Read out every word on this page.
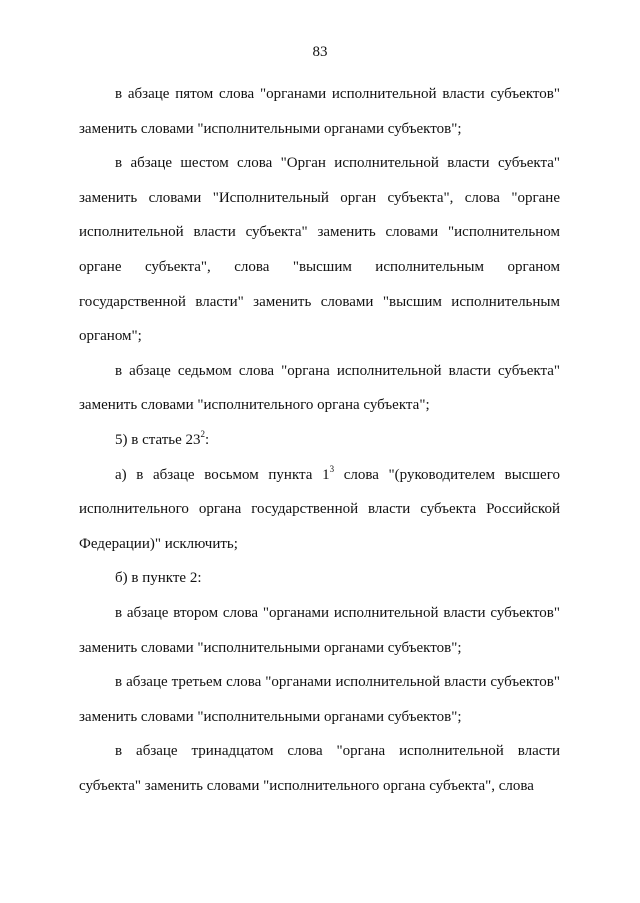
83

в абзаце пятом слова "органами исполнительной власти субъектов" заменить словами "исполнительными органами субъектов";

в абзаце шестом слова "Орган исполнительной власти субъекта" заменить словами "Исполнительный орган субъекта", слова "органе исполнительной власти субъекта" заменить словами "исполнительном органе субъекта", слова "высшим исполнительным органом государственной власти" заменить словами "высшим исполнительным органом";

в абзаце седьмом слова "органа исполнительной власти субъекта" заменить словами "исполнительного органа субъекта";

5) в статье $23^2$:

а) в абзаце восьмом пункта $1^3$ слова "(руководителем высшего исполнительного органа государственной власти субъекта Российской Федерации)" исключить;

б) в пункте 2:

в абзаце втором слова "органами исполнительной власти субъектов" заменить словами "исполнительными органами субъектов";

в абзаце третьем слова "органами исполнительной власти субъектов" заменить словами "исполнительными органами субъектов";

в абзаце тринадцатом слова "органа исполнительной власти субъекта" заменить словами "исполнительного органа субъекта", слова
